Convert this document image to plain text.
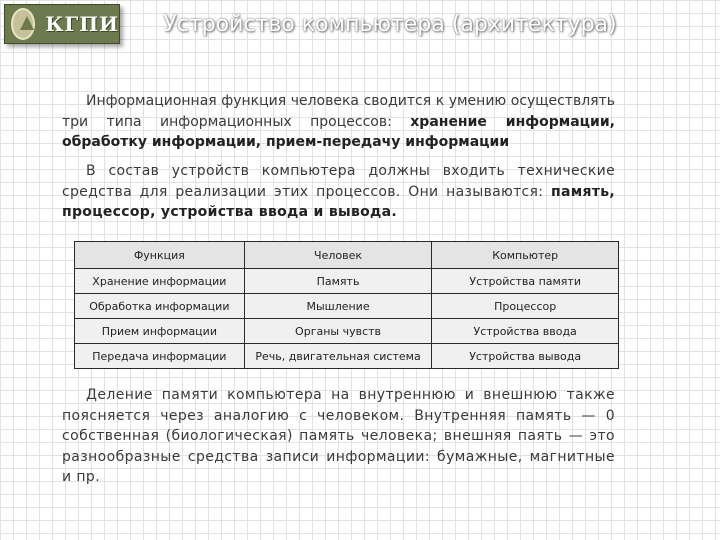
КГПИ	Устройство компьютера (архитектура)

Информационная функция человека сводится к умению осуществлять три типа информационных процессов: хранение информации, обработку информации, прием-передачу информации

В состав устройств компьютера должны входить технические средства для реализации этих процессов. Они называются: память, процессор, устройства ввода и вывода.

Функция	Человек	Компьютер
Хранение информации	Память	Устройства памяти
Обработка информации	Мышление	Процессор
Прием информации	Органы чувств	Устройства ввода
Передача информации	Речь, двигательная система	Устройства вывода

Деление памяти компьютера на внутреннюю и внешнюю также поясняется через аналогию с человеком. Внутренняя память — 0 собственная (биологическая) память человека; внешняя паять — это разнообразные средства записи информации: бумажные, магнитные и пр.
